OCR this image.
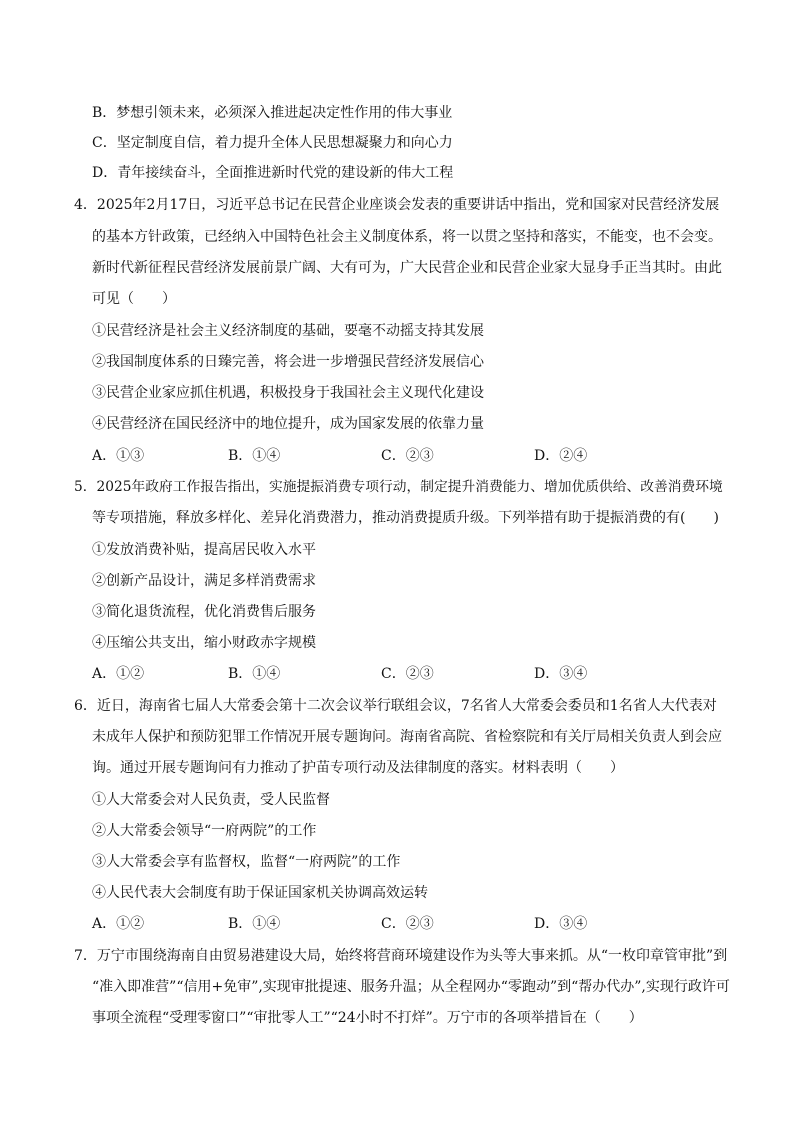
B．梦想引领未来，必须深入推进起决定性作用的伟大事业
C．坚定制度自信，着力提升全体人民思想凝聚力和向心力
D．青年接续奋斗，全面推进新时代党的建设新的伟大工程
4．2025年2月17日，习近平总书记在民营企业座谈会发表的重要讲话中指出，党和国家对民营经济发展
的基本方针政策，已经纳入中国特色社会主义制度体系，将一以贯之坚持和落实，不能变，也不会变。
新时代新征程民营经济发展前景广阔、大有可为，广大民营企业和民营企业家大显身手正当其时。由此
可见（　　）
①民营经济是社会主义经济制度的基础，要毫不动摇支持其发展
②我国制度体系的日臻完善，将会进一步增强民营经济发展信心
③民营企业家应抓住机遇，积极投身于我国社会主义现代化建设
④民营经济在国民经济中的地位提升，成为国家发展的依靠力量
A．①③	B．①④	C．②③	D．②④
5．2025年政府工作报告指出，实施提振消费专项行动，制定提升消费能力、增加优质供给、改善消费环境
等专项措施，释放多样化、差异化消费潜力，推动消费提质升级。下列举措有助于提振消费的有(　　)
①发放消费补贴，提高居民收入水平
②创新产品设计，满足多样消费需求
③简化退货流程，优化消费售后服务
④压缩公共支出，缩小财政赤字规模
A．①②	B．①④	C．②③	D．③④
6．近日，海南省七届人大常委会第十二次会议举行联组会议，7名省人大常委会委员和1名省人大代表对
未成年人保护和预防犯罪工作情况开展专题询问。海南省高院、省检察院和有关厅局相关负责人到会应
询。通过开展专题询问有力推动了护苗专项行动及法律制度的落实。材料表明（　　）
①人大常委会对人民负责，受人民监督
②人大常委会领导“一府两院”的工作
③人大常委会享有监督权，监督“一府两院”的工作
④人民代表大会制度有助于保证国家机关协调高效运转
A．①②	B．①④	C．②③	D．③④
7．万宁市围绕海南自由贸易港建设大局，始终将营商环境建设作为头等大事来抓。从“一枚印章管审批”到
“准入即准营”“信用+免审”,实现审批提速、服务升温；从全程网办“零跑动”到“帮办代办”,实现行政许可
事项全流程“受理零窗口”“审批零人工”“24小时不打烊”。万宁市的各项举措旨在（　　）
